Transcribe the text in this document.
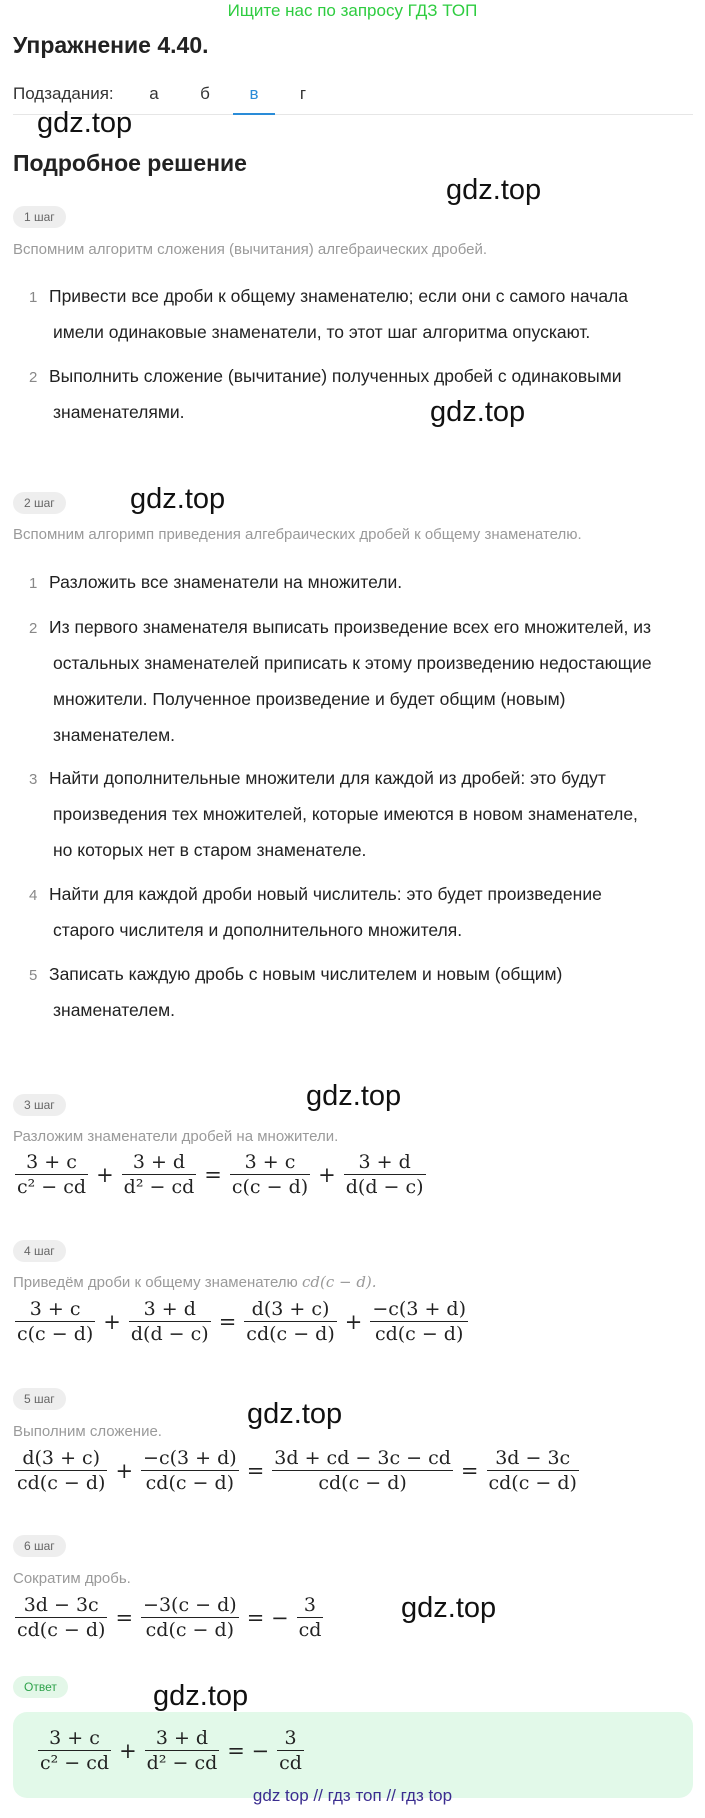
Ищите нас по запросу ГДЗ ТОП
Упражнение 4.40.
Подзадания:	а	б	в	г
gdz.top
gdz.top
gdz.top
gdz.top
gdz.top
gdz.top
gdz.top
gdz.top
Подробное решение
1 шаг
Вспомним алгоритм сложения (вычитания) алгебраических дробей.
1 Привести все дроби к общему знаменателю; если они с самого начала
имели одинаковые знаменатели, то этот шаг алгоритма опускают.
2 Выполнить сложение (вычитание) полученных дробей с одинаковыми
знаменателями.
2 шаг
Вспомним алгоримп приведения алгебраических дробей к общему знаменателю.
1 Разложить все знаменатели на множители.
2 Из первого знаменателя выписать произведение всех его множителей, из
остальных знаменателей приписать к этому произведению недостающие
множители. Полученное произведение и будет общим (новым)
знаменателем.
3 Найти дополнительные множители для каждой из дробей: это будут
произведения тех множителей, которые имеются в новом знаменателе,
но которых нет в старом знаменателе.
4 Найти для каждой дроби новый числитель: это будет произведение
старого числителя и дополнительного множителя.
5 Записать каждую дробь с новым числителем и новым (общим)
знаменателем.
3 шаг
Разложим знаменатели дробей на множители.
$\frac{3 + c}{\text{c² − cd}} + \frac{3 + d}{\text{d² − cd}} = \frac{3 + c}{c(c - d)} + \frac{3 + d}{d(d - c)}$
4 шаг
Приведём дроби к общему знаменателю cd(c − d).
$\frac{3 + c}{c(c - d)} + \frac{3 + d}{d(d - c)} = \frac{d(3 + c)}{cd(c - d)} + \frac{-c(3 + d)}{cd(c - d)}$
5 шаг
Выполним сложение.
$\frac{d(3 + c)}{cd(c - d)} + \frac{-c(3 + d)}{cd(c - d)} = \frac{3d + cd - 3c - cd}{cd(c - d)} = \frac{3d - 3c}{cd(c - d)}$
6 шаг
Сократим дробь.
$\frac{3d - 3c}{cd(c - d)} = \frac{-3(c - d)}{cd(c - d)}$ = − $\frac{3}{cd}$
Ответ
$\frac{3 + c}{\text{c² − cd}} + \frac{3 + d}{\text{d² − cd}}$ = − $\frac{3}{cd}$
gdz top // гдз топ // гдз top
